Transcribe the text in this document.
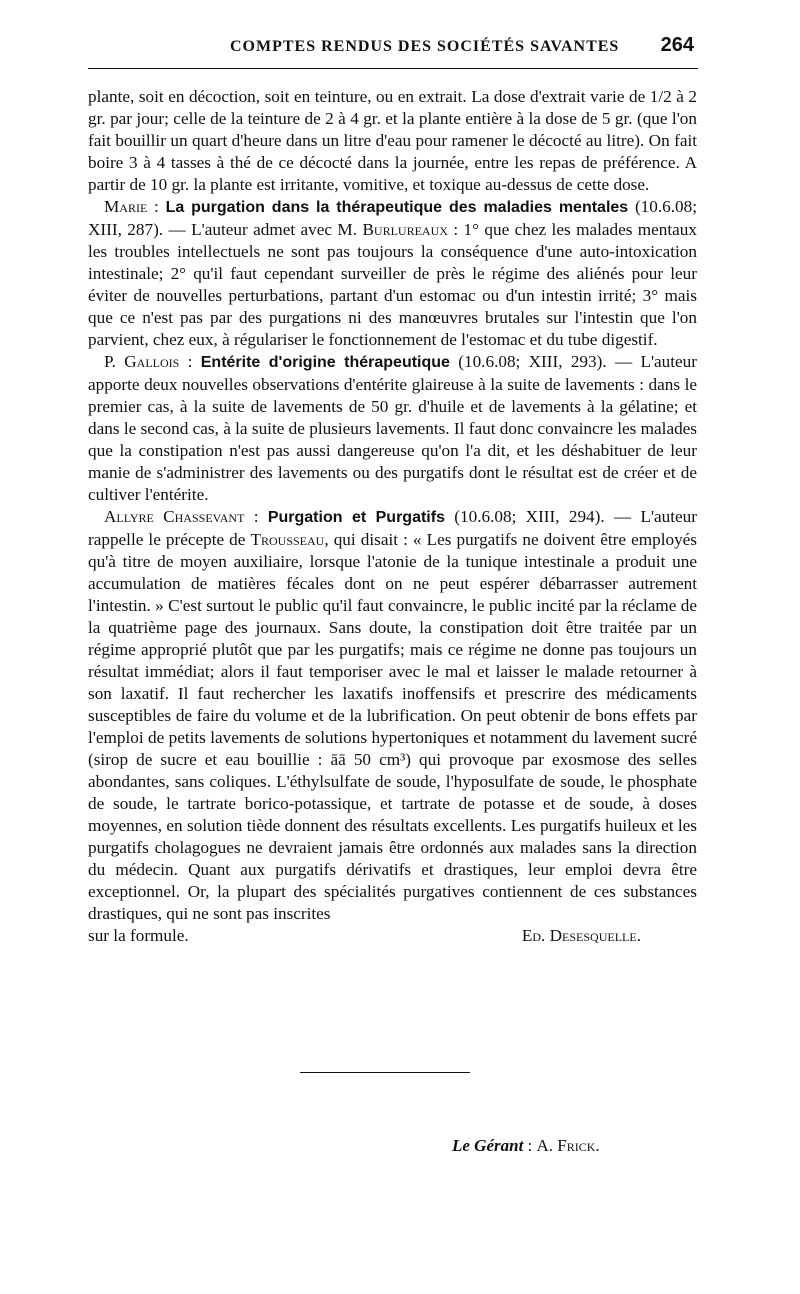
COMPTES RENDUS DES SOCIÉTÉS SAVANTES 264

plante, soit en décoction, soit en teinture, ou en extrait. La dose d'extrait varie de 1/2 à 2 gr. par jour; celle de la teinture de 2 à 4 gr. et la plante entière à la dose de 5 gr. (que l'on fait bouillir un quart d'heure dans un litre d'eau pour ramener le décocté au litre). On fait boire 3 à 4 tasses à thé de ce décocté dans la journée, entre les repas de préférence. A partir de 10 gr. la plante est irritante, vomitive, et toxique au-dessus de cette dose.

Marie : La purgation dans la thérapeutique des maladies mentales (10.6.08; XIII, 287). — L'auteur admet avec M. Burlureaux : 1° que chez les malades mentaux les troubles intellectuels ne sont pas toujours la conséquence d'une auto-intoxication intestinale; 2° qu'il faut cependant surveiller de près le régime des aliénés pour leur éviter de nouvelles perturbations, partant d'un estomac ou d'un intestin irrité; 3° mais que ce n'est pas par des purgations ni des manœuvres brutales sur l'intestin que l'on parvient, chez eux, à régulariser le fonctionnement de l'estomac et du tube digestif.

P. Gallois : Entérite d'origine thérapeutique (10.6.08; XIII, 293). — L'auteur apporte deux nouvelles observations d'entérite glaireuse à la suite de lavements : dans le premier cas, à la suite de lavements de 50 gr. d'huile et de lavements à la gélatine; et dans le second cas, à la suite de plusieurs lavements. Il faut donc convaincre les malades que la constipation n'est pas aussi dangereuse qu'on l'a dit, et les déshabituer de leur manie de s'administrer des lavements ou des purgatifs dont le résultat est de créer et de cultiver l'entérite.

Allyre Chassevant : Purgation et Purgatifs (10.6.08; XIII, 294). — L'auteur rappelle le précepte de Trousseau, qui disait : « Les purgatifs ne doivent être employés qu'à titre de moyen auxiliaire, lorsque l'atonie de la tunique intestinale a produit une accumulation de matières fécales dont on ne peut espérer débarrasser autrement l'intestin. » C'est surtout le public qu'il faut convaincre, le public incité par la réclame de la quatrième page des journaux. Sans doute, la constipation doit être traitée par un régime approprié plutôt que par les purgatifs; mais ce régime ne donne pas toujours un résultat immédiat; alors il faut temporiser avec le mal et laisser le malade retourner à son laxatif. Il faut rechercher les laxatifs inoffensifs et prescrire des médicaments susceptibles de faire du volume et de la lubrification. On peut obtenir de bons effets par l'emploi de petits lavements de solutions hypertoniques et notamment du lavement sucré (sirop de sucre et eau bouillie : āā 50 cm³) qui provoque par exosmose des selles abondantes, sans coliques. L'éthylsulfate de soude, l'hyposulfate de soude, le phosphate de soude, le tartrate borico-potassique, et tartrate de potasse et de soude, à doses moyennes, en solution tiède donnent des résultats excellents. Les purgatifs huileux et les purgatifs cholagogues ne devraient jamais être ordonnés aux malades sans la direction du médecin. Quant aux purgatifs dérivatifs et drastiques, leur emploi devra être exceptionnel. Or, la plupart des spécialités purgatives contiennent de ces substances drastiques, qui ne sont pas inscrites

sur la formule.	Ed. Desesquelle.
Le Gérant : A. Frick.
